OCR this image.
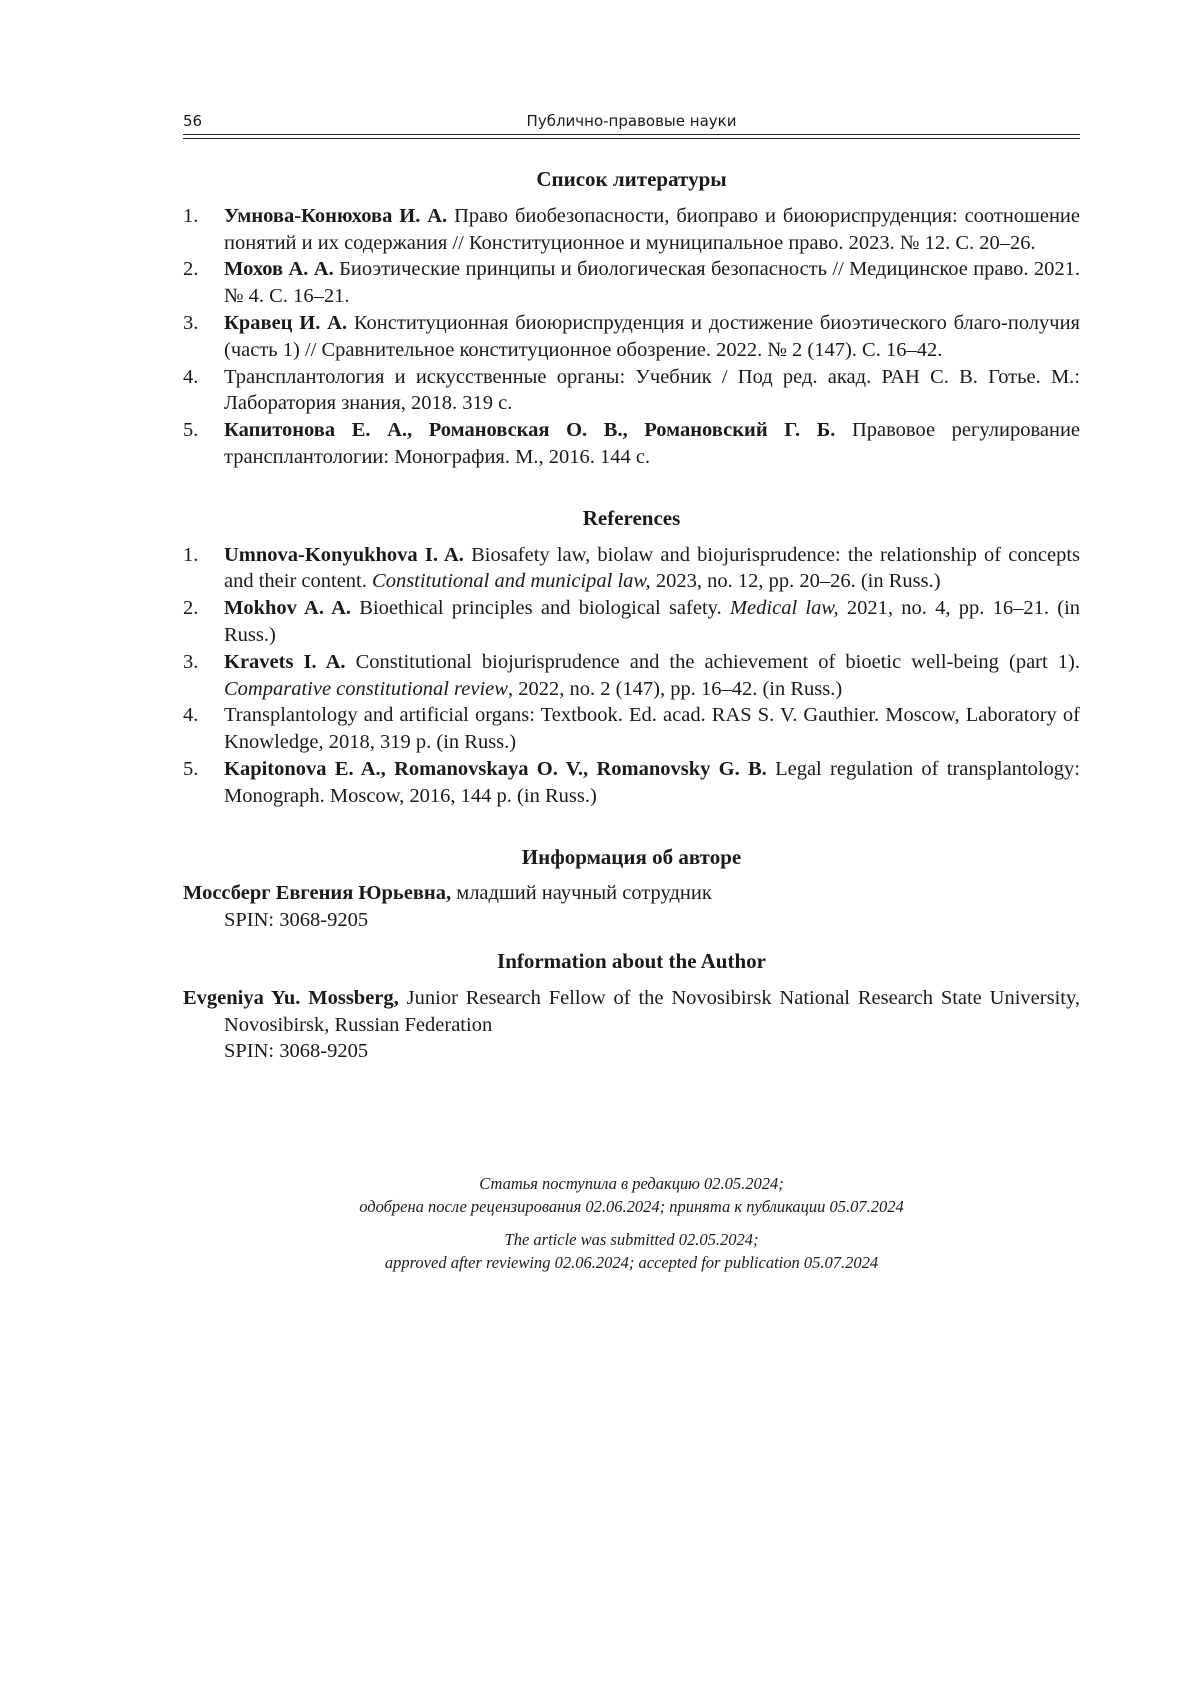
56	Публично-правовые науки
Список литературы
1. Умнова-Конюхова И. А. Право биобезопасности, биоправо и биоюриспруденция: соотношение понятий и их содержания // Конституционное и муниципальное право. 2023. № 12. С. 20–26.
2. Мохов А. А. Биоэтические принципы и биологическая безопасность // Медицинское право. 2021. № 4. С. 16–21.
3. Кравец И. А. Конституционная биоюриспруденция и достижение биоэтического благо-получия (часть 1) // Сравнительное конституционное обозрение. 2022. № 2 (147). С. 16–42.
4. Трансплантология и искусственные органы: Учебник / Под ред. акад. РАН С. В. Готье. М.: Лаборатория знания, 2018. 319 с.
5. Капитонова Е. А., Романовская О. В., Романовский Г. Б. Правовое регулирование трансплантологии: Монография. М., 2016. 144 с.
References
1. Umnova-Konyukhova I. A. Biosafety law, biolaw and biojurisprudence: the relationship of concepts and their content. Constitutional and municipal law, 2023, no. 12, pp. 20–26. (in Russ.)
2. Mokhov A. A. Bioethical principles and biological safety. Medical law, 2021, no. 4, pp. 16–21. (in Russ.)
3. Kravets I. A. Constitutional biojurisprudence and the achievement of bioetic well-being (part 1). Comparative constitutional review, 2022, no. 2 (147), pp. 16–42. (in Russ.)
4. Transplantology and artificial organs: Textbook. Ed. acad. RAS S. V. Gauthier. Moscow, Laboratory of Knowledge, 2018, 319 p. (in Russ.)
5. Kapitonova E. A., Romanovskaya O. V., Romanovsky G. B. Legal regulation of transplantology: Monograph. Moscow, 2016, 144 p. (in Russ.)
Информация об авторе
Моссберг Евгения Юрьевна, младший научный сотрудник
SPIN: 3068-9205
Information about the Author
Evgeniya Yu. Mossberg, Junior Research Fellow of the Novosibirsk National Research State University, Novosibirsk, Russian Federation
SPIN: 3068-9205
Статья поступила в редакцию 02.05.2024;
одобрена после рецензирования 02.06.2024; принята к публикации 05.07.2024
The article was submitted 02.05.2024;
approved after reviewing 02.06.2024; accepted for publication 05.07.2024
